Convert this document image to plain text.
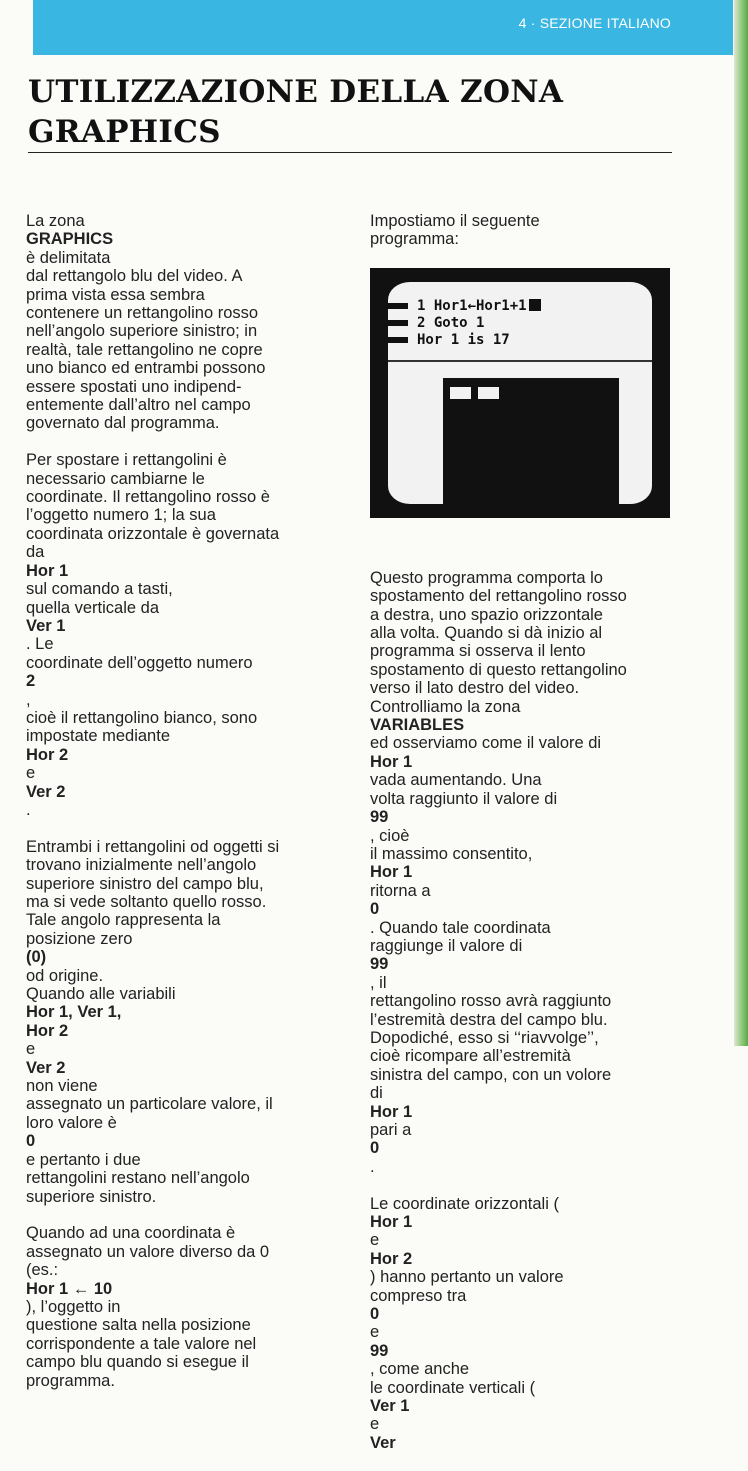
4 · SEZIONE ITALIANO
UTILIZZAZIONE DELLA ZONA
GRAPHICS

La zona
GRAPHICS
è delimitata
dal rettangolo blu del video. A
prima vista essa sembra
contenere un rettangolino rosso
nell’angolo superiore sinistro; in
realtà, tale rettangolino ne copre
uno bianco ed entrambi possono
essere spostati uno indipend-
entemente dall’altro nel campo
governato dal programma.

Per spostare i rettangolini è
necessario cambiarne le
coordinate. Il rettangolino rosso è
l’oggetto numero 1; la sua
coordinata orizzontale è governata
da
Hor 1
sul comando a tasti,
quella verticale da
Ver 1
. Le
coordinate dell’oggetto numero
2
,
cioè il rettangolino bianco, sono
impostate mediante
Hor 2
e
Ver 2
.

Entrambi i rettangolini od oggetti si
trovano inizialmente nell’angolo
superiore sinistro del campo blu,
ma si vede soltanto quello rosso.
Tale angolo rappresenta la
posizione zero
(0)
od origine.
Quando alle variabili
Hor 1, Ver 1,
Hor 2
e
Ver 2
non viene
assegnato un particolare valore, il
loro valore è
0
e pertanto i due
rettangolini restano nell’angolo
superiore sinistro.

Quando ad una coordinata è
assegnato un valore diverso da 0
(es.:
Hor 1 ← 10
), l’oggetto in
questione salta nella posizione
corrispondente a tale valore nel
campo blu quando si esegue il
programma.

Impostiamo il seguente
programma:

Questo programma comporta lo
spostamento del rettangolino rosso
a destra, uno spazio orizzontale
alla volta. Quando si dà inizio al
programma si osserva il lento
spostamento di questo rettangolino
verso il lato destro del video.
Controlliamo la zona
VARIABLES
ed osserviamo come il valore di
Hor 1
vada aumentando. Una
volta raggiunto il valore di
99
, cioè
il massimo consentito,
Hor 1
ritorna a
0
. Quando tale coordinata
raggiunge il valore di
99
, il
rettangolino rosso avrà raggiunto
l’estremità destra del campo blu.
Dopodiché, esso si ‘‘riavvolge’’,
cioè ricompare all’estremità
sinistra del campo, con un volore
di
Hor 1
pari a
0
.

Le coordinate orizzontali (
Hor 1
e
Hor 2
) hanno pertanto un valore
compreso tra
0
e
99
, come anche
le coordinate verticali (
Ver 1
e
Ver

1 Hor1←Hor1+1
2 Goto 1
Hor 1 is 17
